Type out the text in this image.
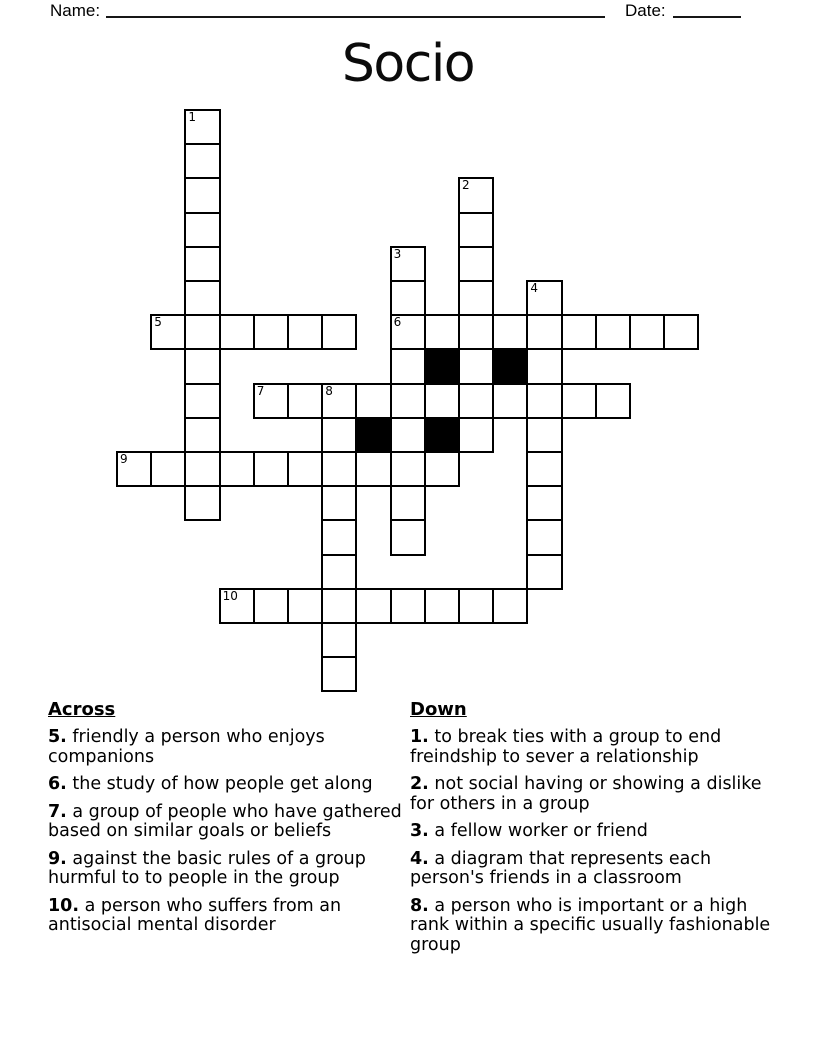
Name:	Date:
Socio
1
2
3
4
5	6
7	8
9
10
Across

5. friendly a person who enjoys companions

6. the study of how people get along

7. a group of people who have gathered based on similar goals or beliefs

9. against the basic rules of a group hurmful to to people in the group

10. a person who suffers from an antisocial mental disorder

Down

1. to break ties with a group to end freindship to sever a relationship

2. not social having or showing a dislike for others in a group

3. a fellow worker or friend

4. a diagram that represents each person's friends in a classroom

8. a person who is important or a high rank within a specific usually fashionable group
